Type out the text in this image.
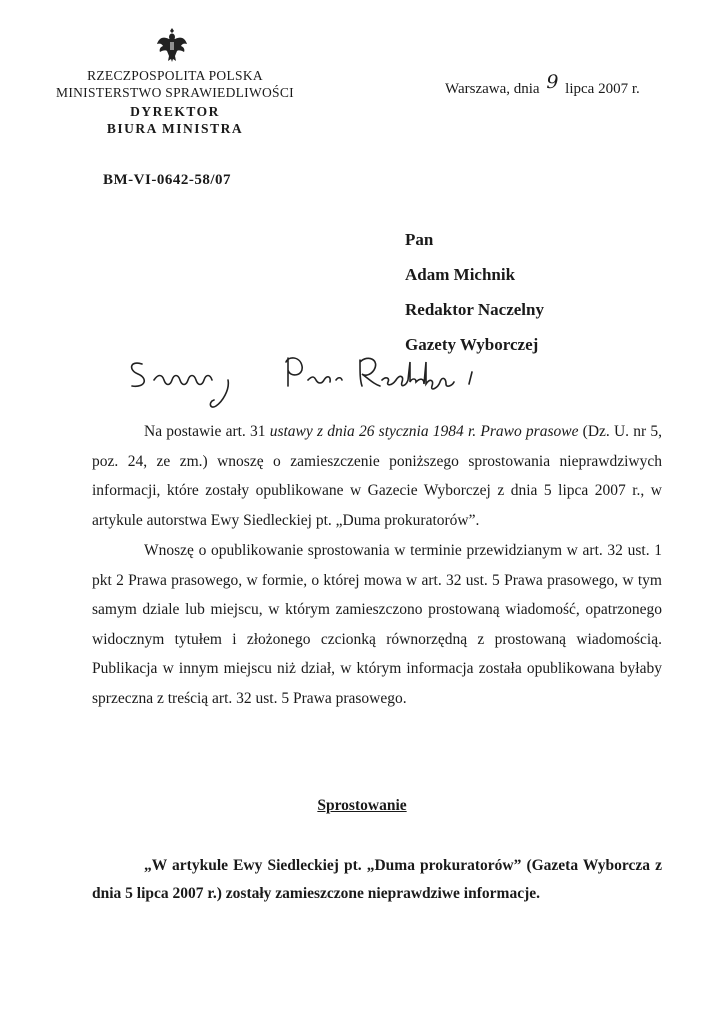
RZECZPOSPOLITA POLSKA
MINISTERSTWO SPRAWIEDLIWOŚCI
DYREKTOR
BIURA MINISTRA
Warszawa, dnia 9 lipca 2007 r.
BM-VI-0642-58/07
Pan
Adam Michnik
Redaktor Naczelny
Gazety Wyborczej

Na postawie art. 31 ustawy z dnia 26 stycznia 1984 r. Prawo prasowe (Dz. U. nr 5, poz. 24, ze zm.) wnoszę o zamieszczenie poniższego sprostowania nieprawdziwych informacji, które zostały opublikowane w Gazecie Wyborczej z dnia 5 lipca 2007 r., w artykule autorstwa Ewy Siedleckiej pt. „Duma prokuratorów”.

Wnoszę o opublikowanie sprostowania w terminie przewidzianym w art. 32 ust. 1 pkt 2 Prawa prasowego, w formie, o której mowa w art. 32 ust. 5 Prawa prasowego, w tym samym dziale lub miejscu, w którym zamieszczono prostowaną wiadomość, opatrzonego widocznym tytułem i złożonego czcionką równorzędną z prostowaną wiadomością. Publikacja w innym miejscu niż dział, w którym informacja została opublikowana byłaby sprzeczna z treścią art. 32 ust. 5 Prawa prasowego.

Sprostowanie
„W artykule Ewy Siedleckiej pt. „Duma prokuratorów” (Gazeta Wyborcza z dnia 5 lipca 2007 r.) zostały zamieszczone nieprawdziwe informacje.
